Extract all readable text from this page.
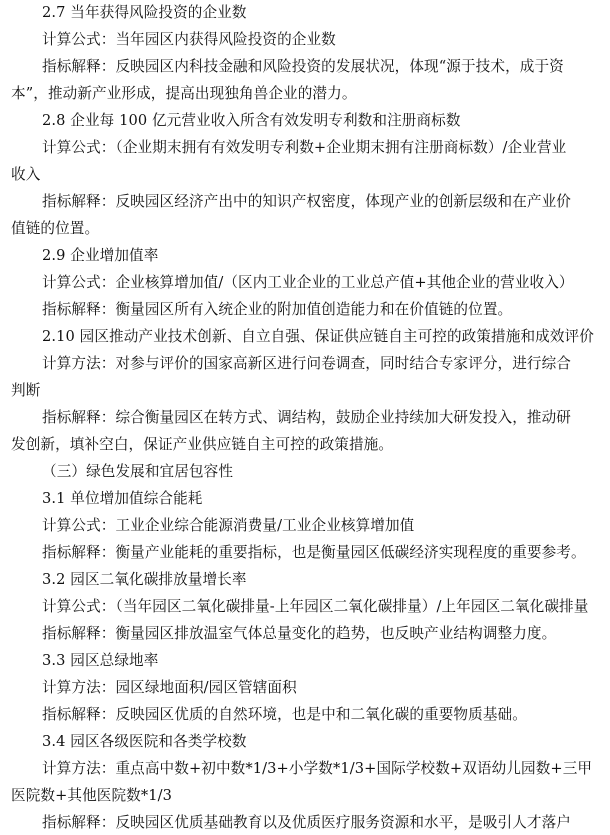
2.7 当年获得风险投资的企业数
计算公式：当年园区内获得风险投资的企业数
指标解释：反映园区内科技金融和风险投资的发展状况，体现“源于技术，成于资
本”，推动新产业形成，提高出现独角兽企业的潜力。
2.8 企业每 100 亿元营业收入所含有效发明专利数和注册商标数
计算公式：（企业期末拥有有效发明专利数+企业期末拥有注册商标数）/企业营业
收入
指标解释：反映园区经济产出中的知识产权密度，体现产业的创新层级和在产业价
值链的位置。
2.9 企业增加值率
计算公式：企业核算增加值/（区内工业企业的工业总产值+其他企业的营业收入）
指标解释：衡量园区所有入统企业的附加值创造能力和在价值链的位置。
2.10 园区推动产业技术创新、自立自强、保证供应链自主可控的政策措施和成效评价
计算方法：对参与评价的国家高新区进行问卷调查，同时结合专家评分，进行综合
判断
指标解释：综合衡量园区在转方式、调结构，鼓励企业持续加大研发投入，推动研
发创新，填补空白，保证产业供应链自主可控的政策措施。
（三）绿色发展和宜居包容性
3.1 单位增加值综合能耗
计算公式：工业企业综合能源消费量/工业企业核算增加值
指标解释：衡量产业能耗的重要指标，也是衡量园区低碳经济实现程度的重要参考。
3.2 园区二氧化碳排放量增长率
计算公式：（当年园区二氧化碳排量-上年园区二氧化碳排量）/上年园区二氧化碳排量
指标解释：衡量园区排放温室气体总量变化的趋势，也反映产业结构调整力度。
3.3 园区总绿地率
计算方法：园区绿地面积/园区管辖面积
指标解释：反映园区优质的自然环境，也是中和二氧化碳的重要物质基础。
3.4 园区各级医院和各类学校数
计算方法：重点高中数+初中数*1/3+小学数*1/3+国际学校数+双语幼儿园数+三甲
医院数+其他医院数*1/3
指标解释：反映园区优质基础教育以及优质医疗服务资源和水平，是吸引人才落户
